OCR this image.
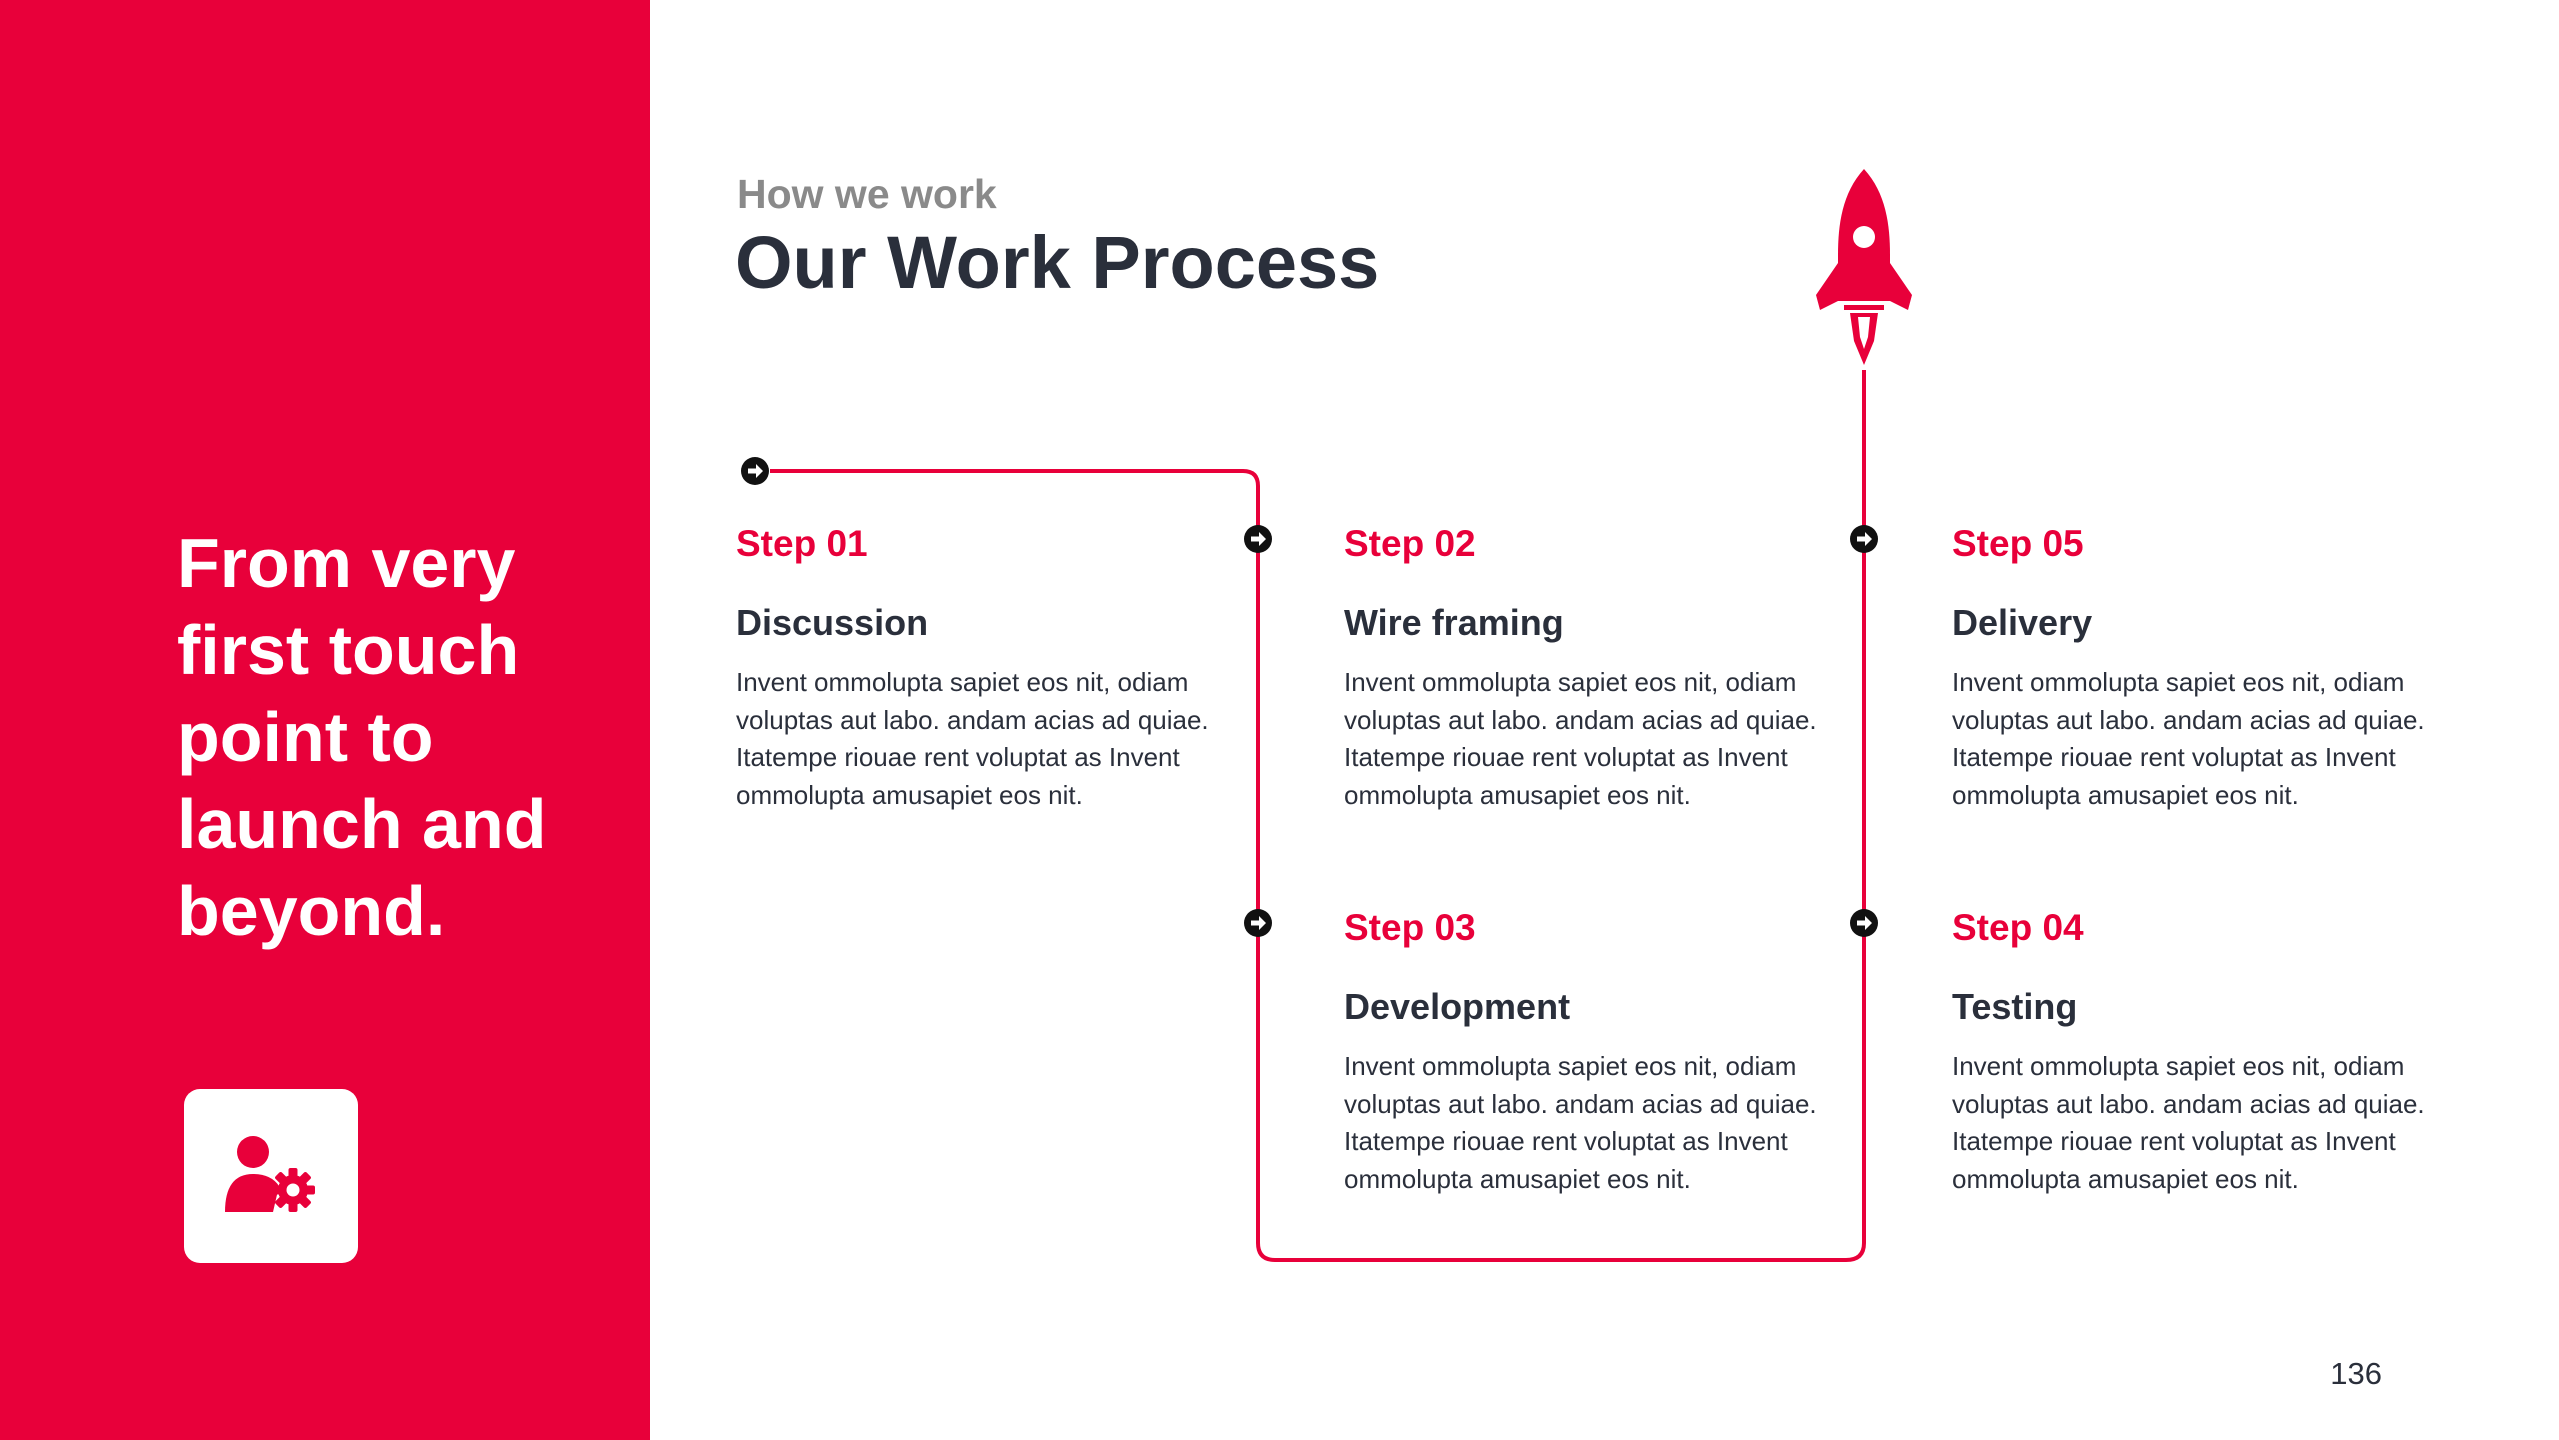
From very first touch point to launch and beyond.
How we work
Our Work Process
Step 01
Discussion
Invent ommolupta sapiet eos nit, odiam voluptas aut labo. andam acias ad quiae. Itatempe riouae rent voluptat as Invent ommolupta amusapiet eos nit.
Step 02
Wire framing
Invent ommolupta sapiet eos nit, odiam voluptas aut labo. andam acias ad quiae. Itatempe riouae rent voluptat as Invent ommolupta amusapiet eos nit.
Step 03
Development
Invent ommolupta sapiet eos nit, odiam voluptas aut labo. andam acias ad quiae. Itatempe riouae rent voluptat as Invent ommolupta amusapiet eos nit.
Step 04
Testing
Invent ommolupta sapiet eos nit, odiam voluptas aut labo. andam acias ad quiae. Itatempe riouae rent voluptat as Invent ommolupta amusapiet eos nit.
Step 05
Delivery
Invent ommolupta sapiet eos nit, odiam voluptas aut labo. andam acias ad quiae. Itatempe riouae rent voluptat as Invent ommolupta amusapiet eos nit.
136
